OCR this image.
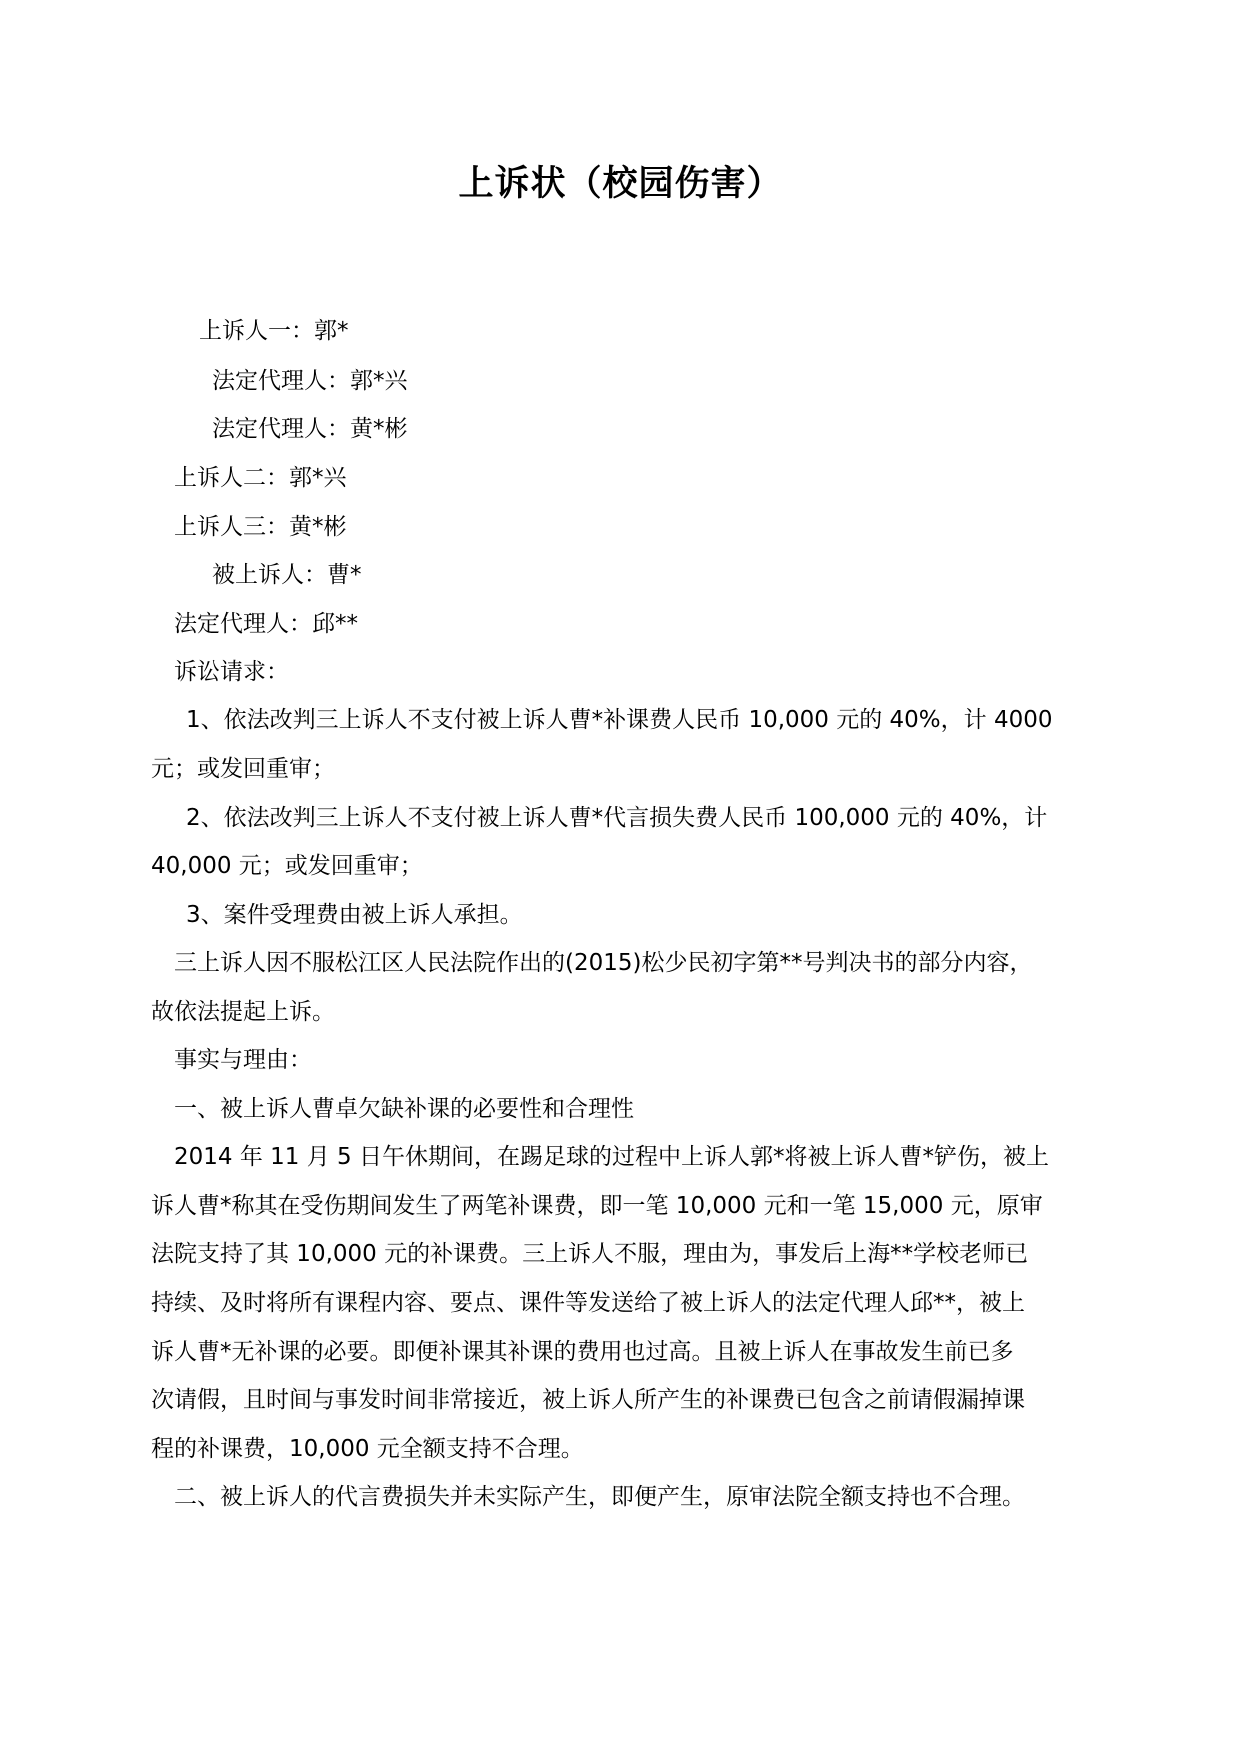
上诉状（校园伤害）
上诉人一：郭*
法定代理人：郭*兴
法定代理人：黄*彬
上诉人二：郭*兴
上诉人三：黄*彬
被上诉人：曹*
法定代理人：邱**
诉讼请求：
1、依法改判三上诉人不支付被上诉人曹*补课费人民币 10,000 元的 40%，计 4000
元；或发回重审；
2、依法改判三上诉人不支付被上诉人曹*代言损失费人民币 100,000 元的 40%，计
40,000 元；或发回重审；
3、案件受理费由被上诉人承担。
三上诉人因不服松江区人民法院作出的(2015)松少民初字第**号判决书的部分内容，
故依法提起上诉。
事实与理由：
一、被上诉人曹卓欠缺补课的必要性和合理性
2014 年 11 月 5 日午休期间，在踢足球的过程中上诉人郭*将被上诉人曹*铲伤，被上
诉人曹*称其在受伤期间发生了两笔补课费，即一笔 10,000 元和一笔 15,000 元，原审
法院支持了其 10,000 元的补课费。三上诉人不服，理由为，事发后上海**学校老师已
持续、及时将所有课程内容、要点、课件等发送给了被上诉人的法定代理人邱**，被上
诉人曹*无补课的必要。即便补课其补课的费用也过高。且被上诉人在事故发生前已多
次请假，且时间与事发时间非常接近，被上诉人所产生的补课费已包含之前请假漏掉课
程的补课费，10,000 元全额支持不合理。
二、被上诉人的代言费损失并未实际产生，即便产生，原审法院全额支持也不合理。
